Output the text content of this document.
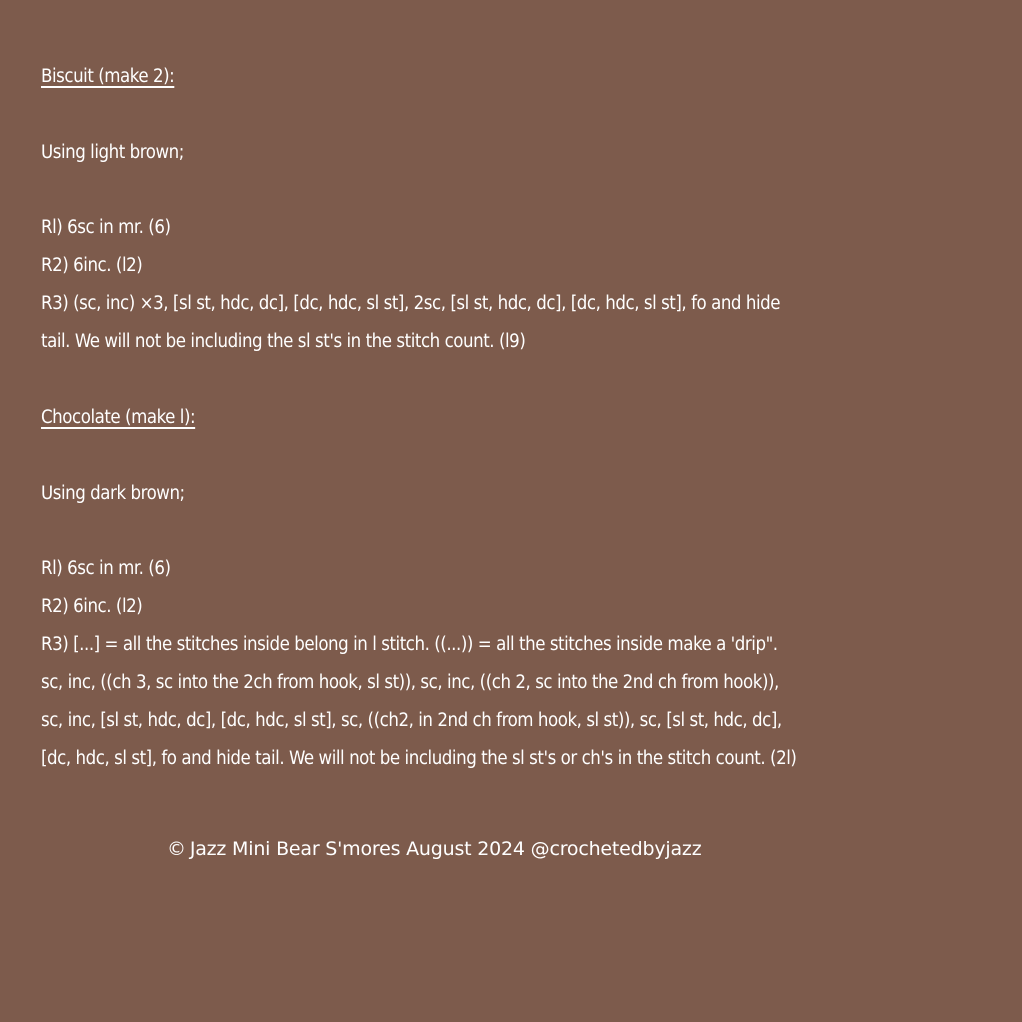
Biscuit (make 2):
Using light brown;
Rl) 6sc in mr. (6)
R2) 6inc. (l2)
R3) (sc, inc) ×3, [sl st, hdc, dc], [dc, hdc, sl st], 2sc, [sl st, hdc, dc], [dc, hdc, sl st], fo and hide
tail. We will not be including the sl st's in the stitch count. (l9)
Chocolate (make l):
Using dark brown;
Rl) 6sc in mr. (6)
R2) 6inc. (l2)
R3) [...] = all the stitches inside belong in l stitch. ((...)) = all the stitches inside make a 'drip".
sc, inc, ((ch 3, sc into the 2ch from hook, sl st)), sc, inc, ((ch 2, sc into the 2nd ch from hook)),
sc, inc, [sl st, hdc, dc], [dc, hdc, sl st], sc, ((ch2, in 2nd ch from hook, sl st)), sc, [sl st, hdc, dc],
[dc, hdc, sl st], fo and hide tail. We will not be including the sl st's or ch's in the stitch count. (2l)
© Jazz Mini Bear S'mores August 2024 @crochetedbyjazz
